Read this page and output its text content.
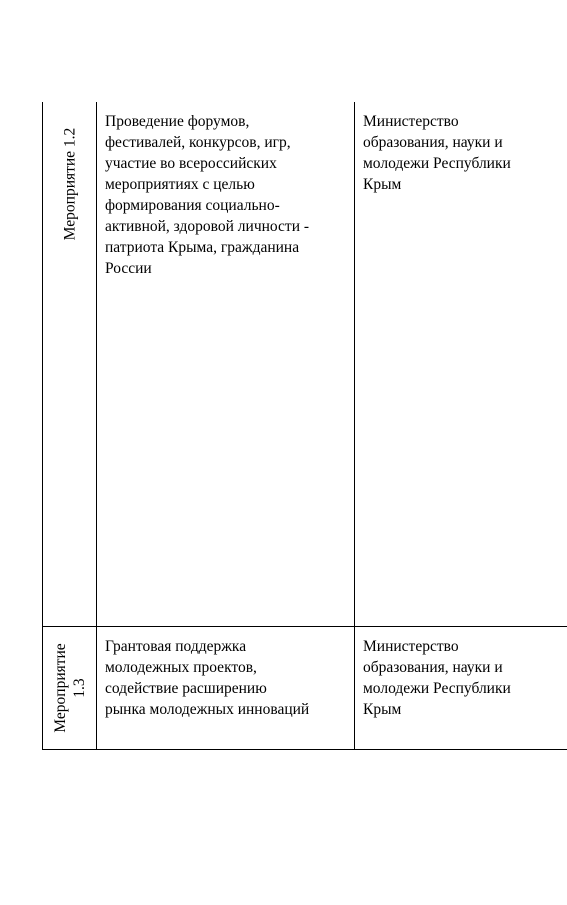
Мероприятие 1.2
Проведение форумов,
фестивалей, конкурсов, игр,
участие во всероссийских
мероприятиях с целью
формирования социально-
активной, здоровой личности -
патриота Крыма, гражданина
России
Министерство
образования, науки и
молодежи Республики
Крым
Мероприятие
1.3
Грантовая поддержка
молодежных проектов,
содействие расширению
рынка молодежных инноваций
Министерство
образования, науки и
молодежи Республики
Крым
